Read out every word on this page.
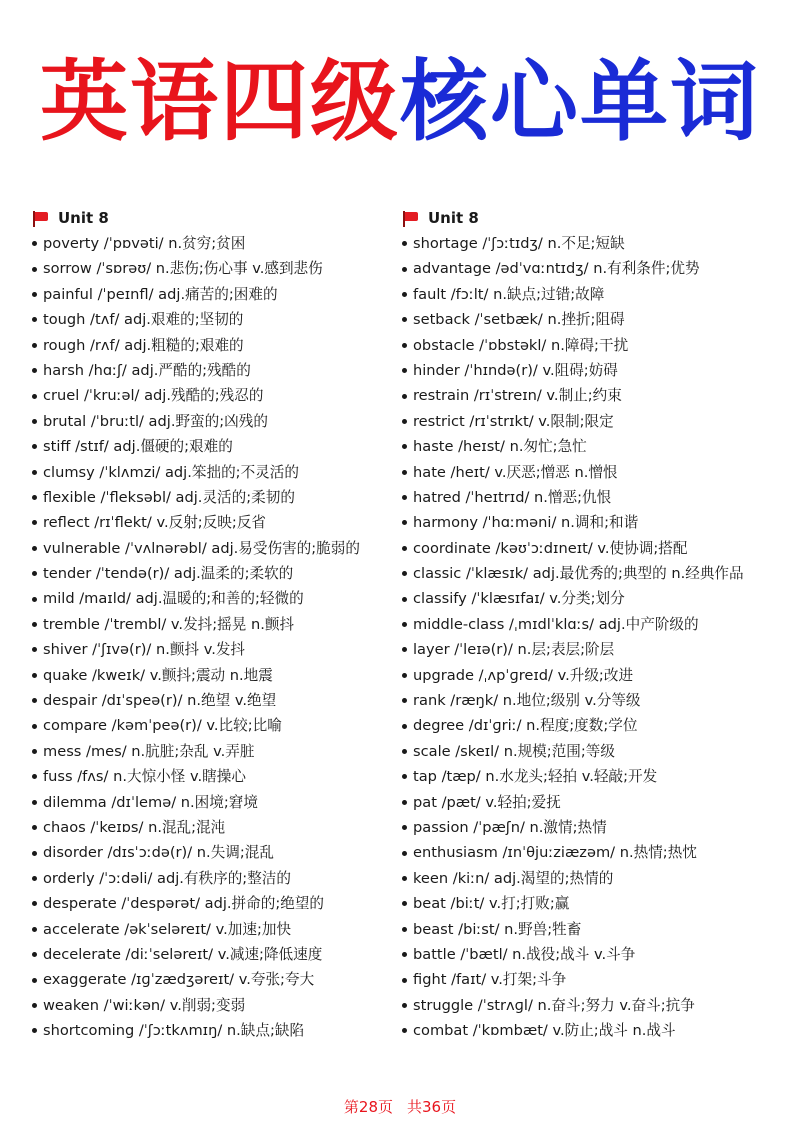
英语四级核心单词
Unit 8
poverty /ˈpɒvəti/ n.贫穷;贫困
sorrow /ˈsɒrəʊ/ n.悲伤;伤心事 v.感到悲伤
painful /ˈpeɪnfl/ adj.痛苦的;困难的
tough /tʌf/ adj.艰难的;坚韧的
rough /rʌf/ adj.粗糙的;艰难的
harsh /hɑːʃ/ adj.严酷的;残酷的
cruel /ˈkruːəl/ adj.残酷的;残忍的
brutal /ˈbruːtl/ adj.野蛮的;凶残的
stiff /stɪf/ adj.僵硬的;艰难的
clumsy /ˈklʌmzi/ adj.笨拙的;不灵活的
flexible /ˈfleksəbl/ adj.灵活的;柔韧的
reflect /rɪˈflekt/ v.反射;反映;反省
vulnerable /ˈvʌlnərəbl/ adj.易受伤害的;脆弱的
tender /ˈtendə(r)/ adj.温柔的;柔软的
mild /maɪld/ adj.温暖的;和善的;轻微的
tremble /ˈtrembl/ v.发抖;摇晃 n.颤抖
shiver /ˈʃɪvə(r)/ n.颤抖 v.发抖
quake /kweɪk/ v.颤抖;震动 n.地震
despair /dɪˈspeə(r)/ n.绝望 v.绝望
compare /kəmˈpeə(r)/ v.比较;比喻
mess /mes/ n.肮脏;杂乱 v.弄脏
fuss /fʌs/ n.大惊小怪 v.瞎操心
dilemma /dɪˈlemə/ n.困境;窘境
chaos /ˈkeɪɒs/ n.混乱;混沌
disorder /dɪsˈɔːdə(r)/ n.失调;混乱
orderly /ˈɔːdəli/ adj.有秩序的;整洁的
desperate /ˈdespərət/ adj.拼命的;绝望的
accelerate /əkˈseləreɪt/ v.加速;加快
decelerate /diːˈseləreɪt/ v.减速;降低速度
exaggerate /ɪɡˈzædʒəreɪt/ v.夸张;夸大
weaken /ˈwiːkən/ v.削弱;变弱
shortcoming /ˈʃɔːtkʌmɪŋ/ n.缺点;缺陷
Unit 8
shortage /ˈʃɔːtɪdʒ/ n.不足;短缺
advantage /ədˈvɑːntɪdʒ/ n.有利条件;优势
fault /fɔːlt/ n.缺点;过错;故障
setback /ˈsetbæk/ n.挫折;阻碍
obstacle /ˈɒbstəkl/ n.障碍;干扰
hinder /ˈhɪndə(r)/ v.阻碍;妨碍
restrain /rɪˈstreɪn/ v.制止;约束
restrict /rɪˈstrɪkt/ v.限制;限定
haste /heɪst/ n.匆忙;急忙
hate /heɪt/ v.厌恶;憎恶 n.憎恨
hatred /ˈheɪtrɪd/ n.憎恶;仇恨
harmony /ˈhɑːməni/ n.调和;和谐
coordinate /kəʊˈɔːdɪneɪt/ v.使协调;搭配
classic /ˈklæsɪk/ adj.最优秀的;典型的 n.经典作品
classify /ˈklæsɪfaɪ/ v.分类;划分
middle-class /ˌmɪdlˈklɑːs/ adj.中产阶级的
layer /ˈleɪə(r)/ n.层;表层;阶层
upgrade /ˌʌpˈɡreɪd/ v.升级;改进
rank /ræŋk/ n.地位;级别 v.分等级
degree /dɪˈɡriː/ n.程度;度数;学位
scale /skeɪl/ n.规模;范围;等级
tap /tæp/ n.水龙头;轻拍 v.轻敲;开发
pat /pæt/ v.轻拍;爱抚
passion /ˈpæʃn/ n.激情;热情
enthusiasm /ɪnˈθjuːziæzəm/ n.热情;热忱
keen /kiːn/ adj.渴望的;热情的
beat /biːt/ v.打;打败;赢
beast /biːst/ n.野兽;牲畜
battle /ˈbætl/ n.战役;战斗 v.斗争
fight /faɪt/ v.打架;斗争
struggle /ˈstrʌɡl/ n.奋斗;努力 v.奋斗;抗争
combat /ˈkɒmbæt/ v.防止;战斗 n.战斗
第28页 共36页
